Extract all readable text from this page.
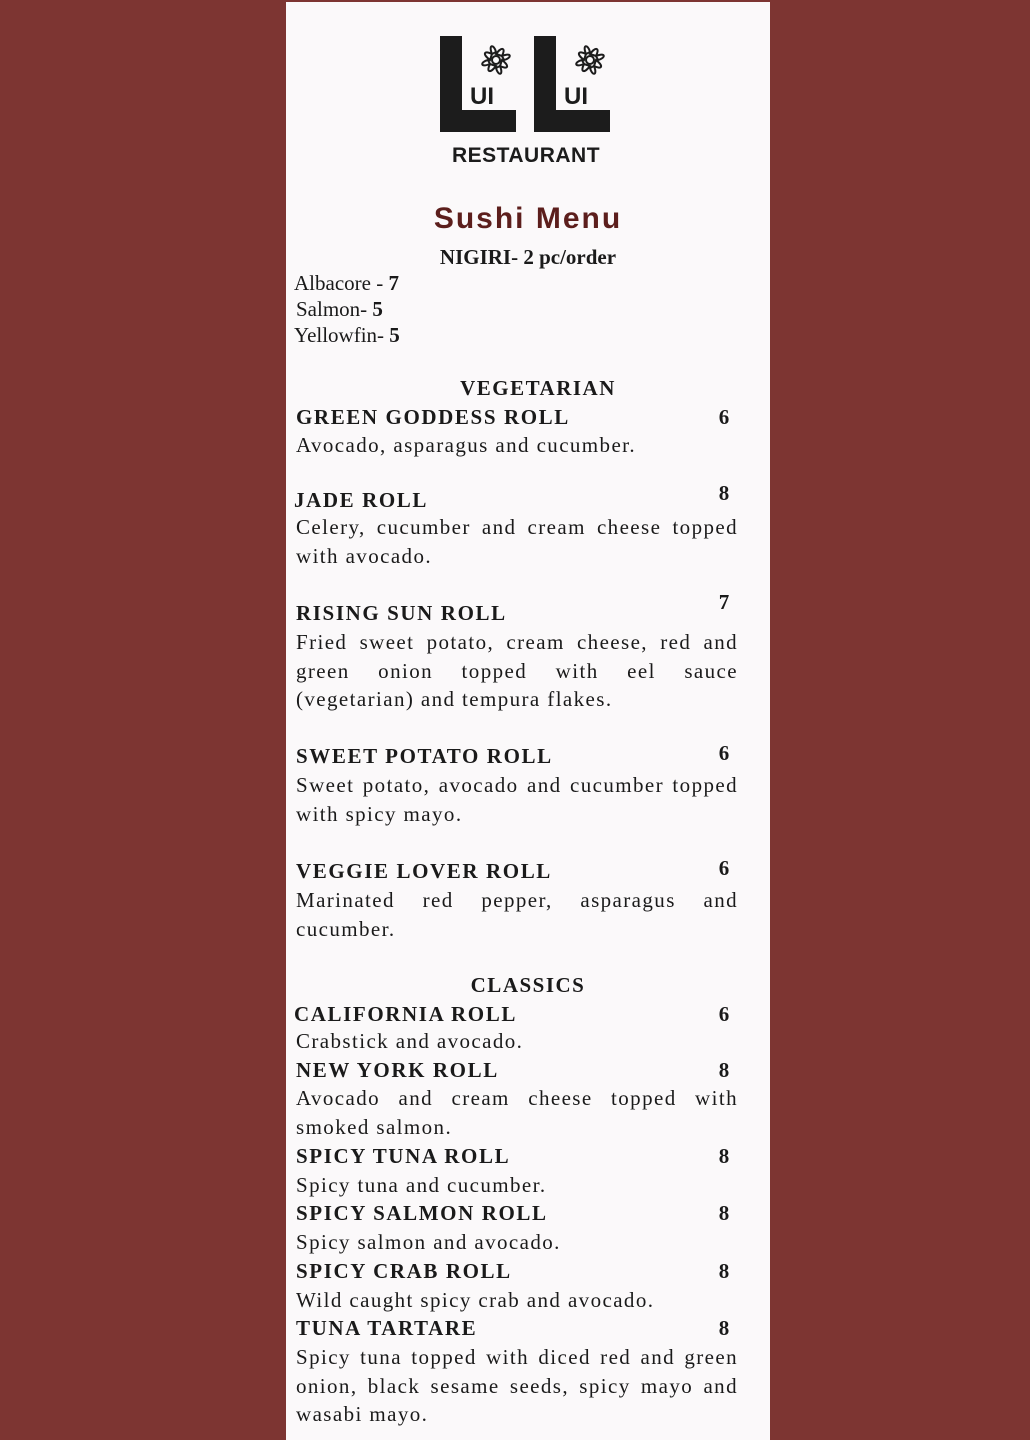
UI	UI
RESTAURANT
Sushi Menu
NIGIRI- 2 pc/order
Albacore - 7
Salmon- 5
Yellowfin- 5
VEGETARIAN
GREEN GODDESS ROLL	6
Avocado, asparagus and cucumber.
JADE ROLL	8
Celery, cucumber and cream cheese topped with avocado.
RISING SUN ROLL	7
Fried sweet potato, cream cheese, red and green onion topped with eel sauce (vegetarian) and tempura flakes.
SWEET POTATO ROLL	6
Sweet potato, avocado and cucumber topped with spicy mayo.
VEGGIE LOVER ROLL	6
Marinated red pepper, asparagus and cucumber.
CLASSICS
CALIFORNIA ROLL	6
Crabstick and avocado.
NEW YORK ROLL	8
Avocado and cream cheese topped with smoked salmon.
SPICY TUNA ROLL	8
Spicy tuna and cucumber.
SPICY SALMON ROLL	8
Spicy salmon and avocado.
SPICY CRAB ROLL	8
Wild caught spicy crab and avocado.
TUNA TARTARE	8
Spicy tuna topped with diced red and green onion, black sesame seeds, spicy mayo and wasabi mayo.
